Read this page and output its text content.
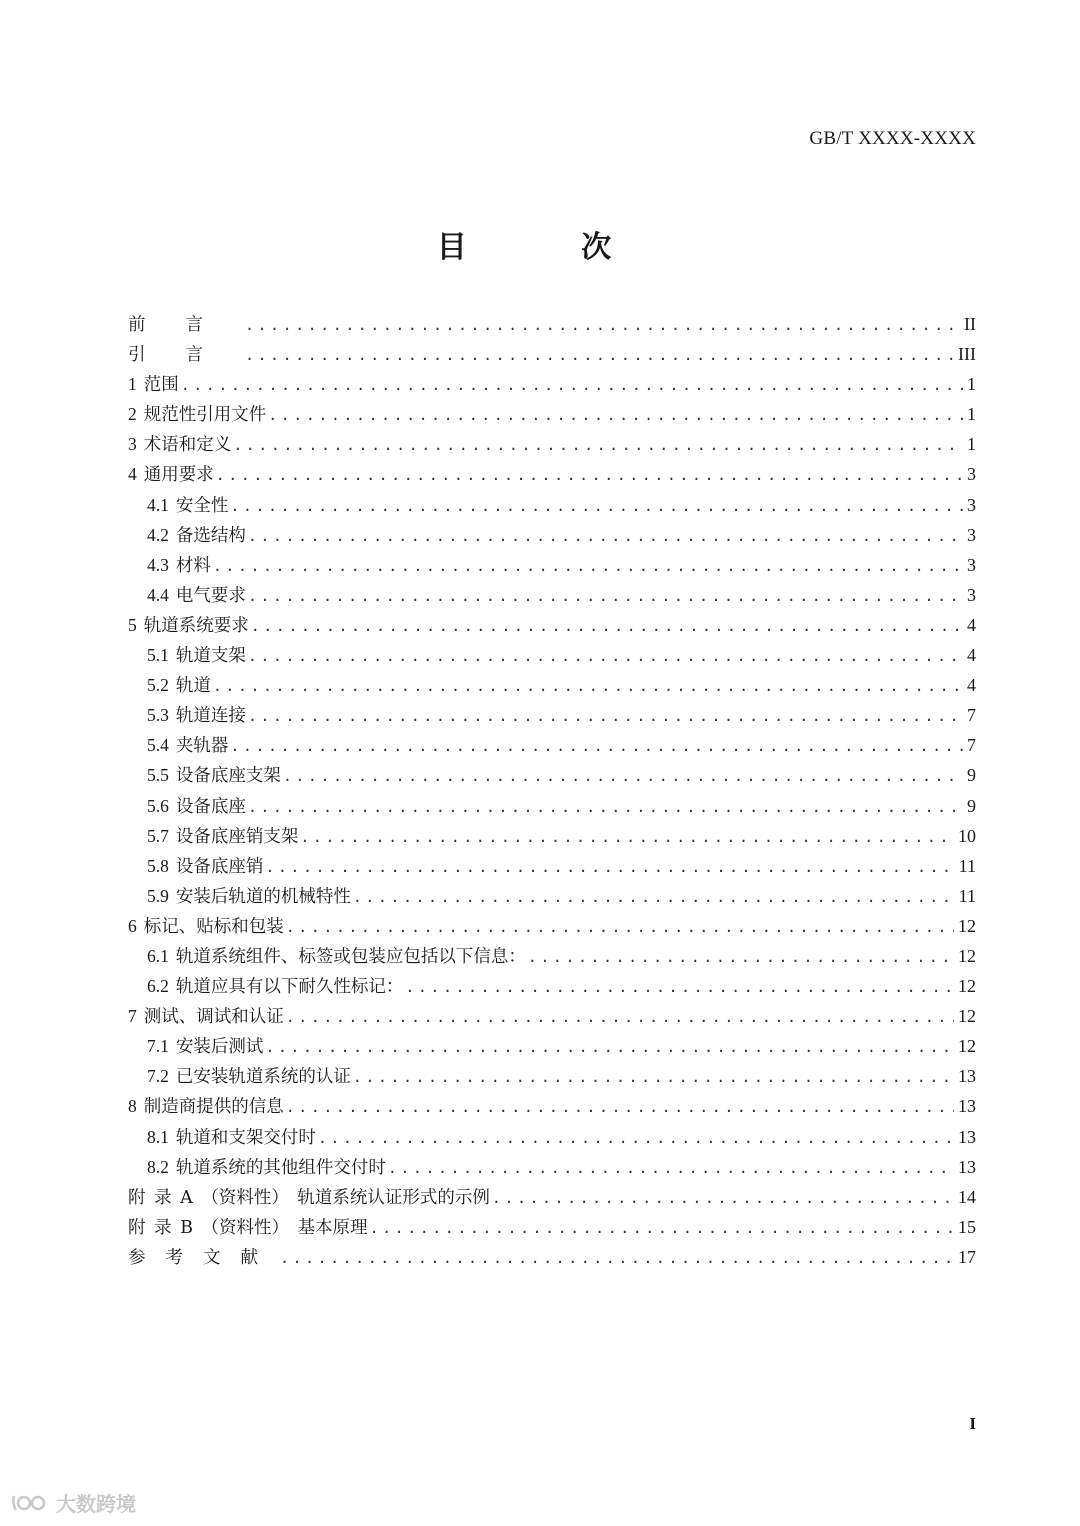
GB/T XXXX-XXXX
目 次
前言 .....	II
引言 .....	III
1 范围 .....	1
2 规范性引用文件 .....	1
3 术语和定义 .....	1
4 通用要求 .....	3
4.1 安全性 .....	3
4.2 备选结构 .....	3
4.3 材料 .....	3
4.4 电气要求 .....	3
5 轨道系统要求 .....	4
5.1 轨道支架 .....	4
5.2 轨道 .....	4
5.3 轨道连接 .....	7
5.4 夹轨器 .....	7
5.5 设备底座支架 .....	9
5.6 设备底座 .....	9
5.7 设备底座销支架 .....	10
5.8 设备底座销 .....	11
5.9 安装后轨道的机械特性 .....	11
6 标记、贴标和包装 .....	12
6.1 轨道系统组件、标签或包装应包括以下信息： .....	12
6.2 轨道应具有以下耐久性标记： .....	12
7 测试、调试和认证 .....	12
7.1 安装后测试 .....	12
7.2 已安装轨道系统的认证 .....	13
8 制造商提供的信息 .....	13
8.1 轨道和支架交付时 .....	13
8.2 轨道系统的其他组件交付时 .....	13
附 录 A （资料性） 轨道系统认证形式的示例 .....	14
附 录 B （资料性） 基本原理 .....	15
参考文献 .....	17
I
大数跨境
